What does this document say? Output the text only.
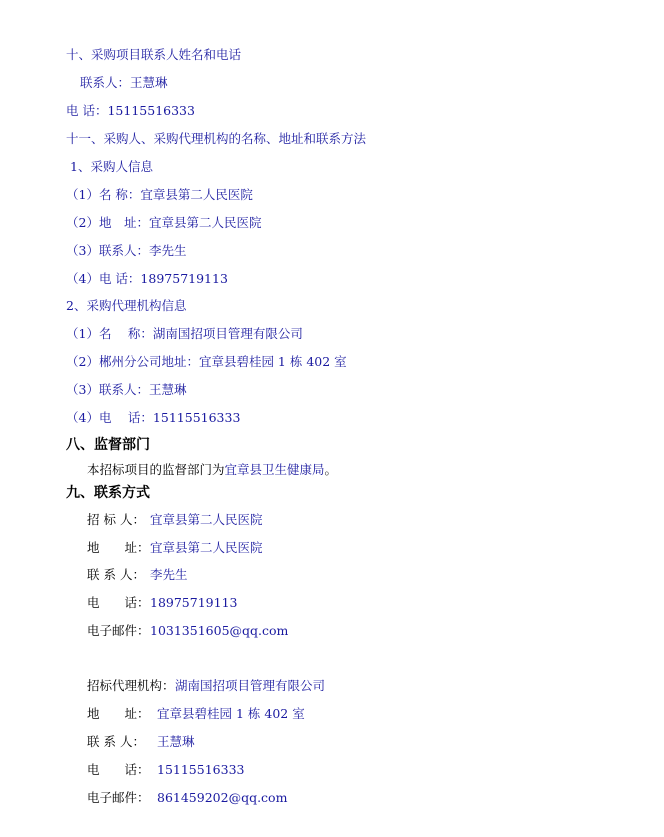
十、采购项目联系人姓名和电话
联系人：王慧琳
电 话：15115516333
十一、采购人、采购代理机构的名称、地址和联系方法
1、采购人信息
（1）名 称：宜章县第二人民医院
（2）地　址：宜章县第二人民医院
（3）联系人：李先生
（4）电 话：18975719113
2、采购代理机构信息
（1）名　 称：湖南国招项目管理有限公司
（2）郴州分公司地址：宜章县碧桂园 1 栋 402 室
（3）联系人：王慧琳
（4）电　 话：15115516333
八、监督部门
本招标项目的监督部门为宜章县卫生健康局。
九、联系方式
招 标 人： 宜章县第二人民医院
地　　址： 宜章县第二人民医院
联 系 人： 李先生
电　　话： 18975719113
电子邮件： 1031351605@qq.com
招标代理机构： 湖南国招项目管理有限公司
地　　址： 宜章县碧桂园 1 栋 402 室
联 系 人： 王慧琳
电　　话： 15115516333
电子邮件： 861459202@qq.com
